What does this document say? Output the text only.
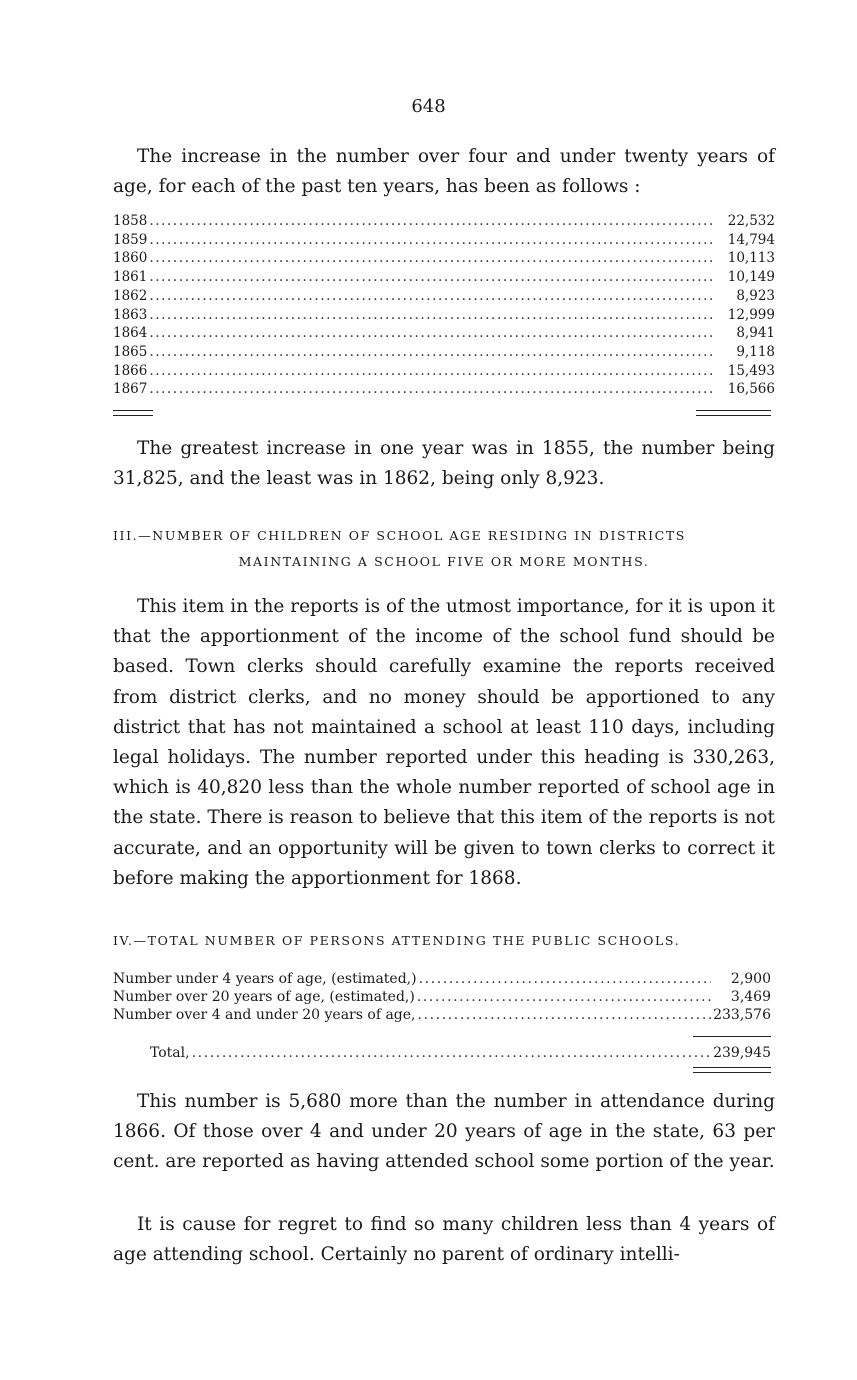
648

The increase in the number over four and under twenty years of age, for each of the past ten years, has been as follows :

1858 .....	22,532
1859 .....	14,794
1860 .....	10,113
1861 .....	10,149
1862 .....	8,923
1863 .....	12,999
1864 .....	8,941
1865 .....	9,118
1866 .....	15,493
1867 .....	16,566

The greatest increase in one year was in 1855, the number being 31,825, and the least was in 1862, being only 8,923.

III.—NUMBER OF CHILDREN OF SCHOOL AGE RESIDING IN DISTRICTS
MAINTAINING A SCHOOL FIVE OR MORE MONTHS.

This item in the reports is of the utmost importance, for it is upon it that the apportionment of the income of the school fund should be based. Town clerks should carefully examine the reports received from district clerks, and no money should be apportioned to any district that has not maintained a school at least 110 days, including legal holidays. The number reported under this heading is 330,263, which is 40,820 less than the whole number reported of school age in the state. There is reason to believe that this item of the reports is not accurate, and an opportunity will be given to town clerks to correct it before making the apportionment for 1868.

IV.—TOTAL NUMBER OF PERSONS ATTENDING THE PUBLIC SCHOOLS.
Number under 4 years of age, (estimated,) .....	2,900
Number over 20 years of age, (estimated,) .....	3,469
Number over 4 and under 20 years of age, .....	233,576
Total, .....	239,945

This number is 5,680 more than the number in attendance during 1866. Of those over 4 and under 20 years of age in the state, 63 per cent. are reported as having attended school some portion of the year.

It is cause for regret to find so many children less than 4 years of age attending school. Certainly no parent of ordinary intelli-
